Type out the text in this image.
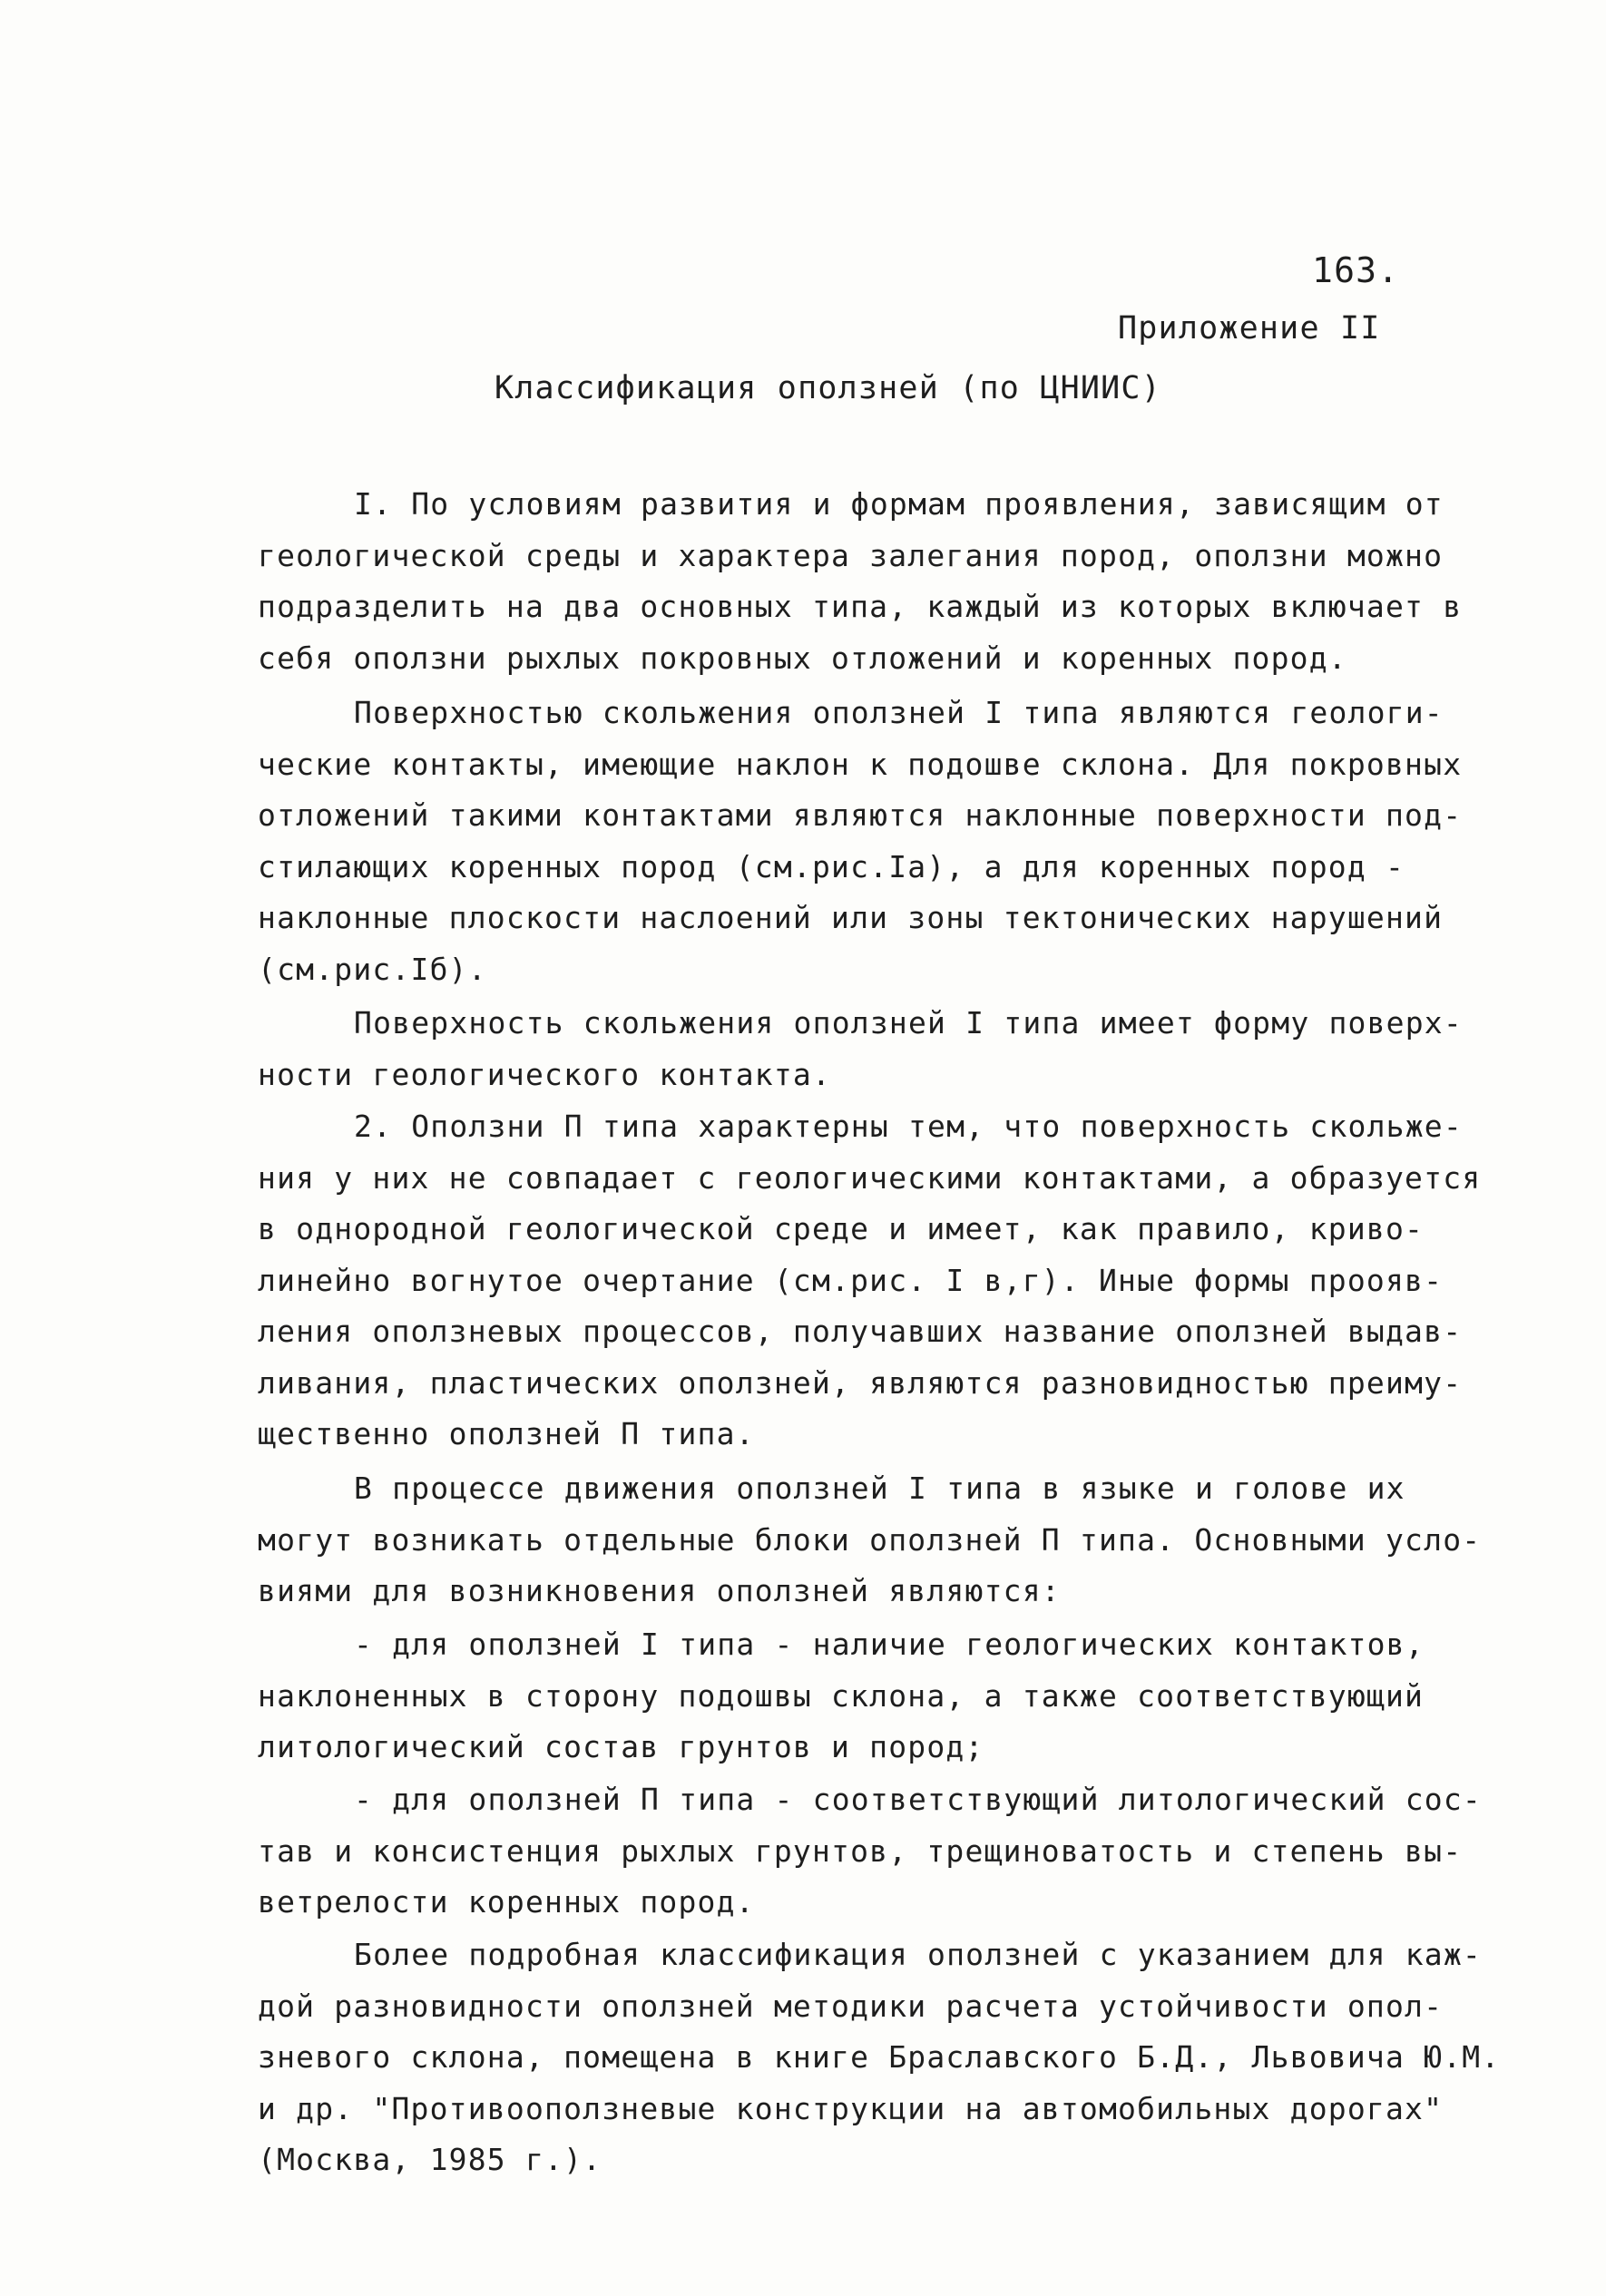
163.
Приложение II
Классификация оползней (по ЦНИИС)
I. По условиям развития и формам проявления, зависящим от
геологической среды и характера залегания пород, оползни можно
подразделить на два основных типа, каждый из которых включает в
себя оползни рыхлых покровных отложений и коренных пород.
Поверхностью скольжения оползней I типа являются геологи-
ческие контакты, имеющие наклон к подошве склона. Для покровных
отложений такими контактами являются наклонные поверхности под-
стилающих коренных пород (см.рис.Iа), а для коренных пород -
наклонные плоскости наслоений или зоны тектонических нарушений
(см.рис.Iб).
Поверхность скольжения оползней I типа имеет форму поверх-
ности геологического контакта.
2. Оползни П типа характерны тем, что поверхность скольже-
ния у них не совпадает с геологическими контактами, а образуется
в однородной геологической среде и имеет, как правило, криво-
линейно вогнутое очертание (см.рис. I в,г). Иные формы проояв-
ления оползневых процессов, получавших название оползней выдав-
ливания, пластических оползней, являются разновидностью преиму-
щественно оползней П типа.
В процессе движения оползней I типа в языке и голове их
могут возникать отдельные блоки оползней П типа. Основными усло-
виями для возникновения оползней являются:
- для оползней I типа - наличие геологических контактов,
наклоненных в сторону подошвы склона, а также соответствующий
литологический состав грунтов и пород;
- для оползней П типа - соответствующий литологический сос-
тав и консистенция рыхлых грунтов, трещиноватость и степень вы-
ветрелости коренных пород.
Более подробная классификация оползней с указанием для каж-
дой разновидности оползней методики расчета устойчивости опол-
зневого склона, помещена в книге Браславского Б.Д., Львовича Ю.М.
и др. "Противооползневые конструкции на автомобильных дорогах"
(Москва, 1985 г.).
